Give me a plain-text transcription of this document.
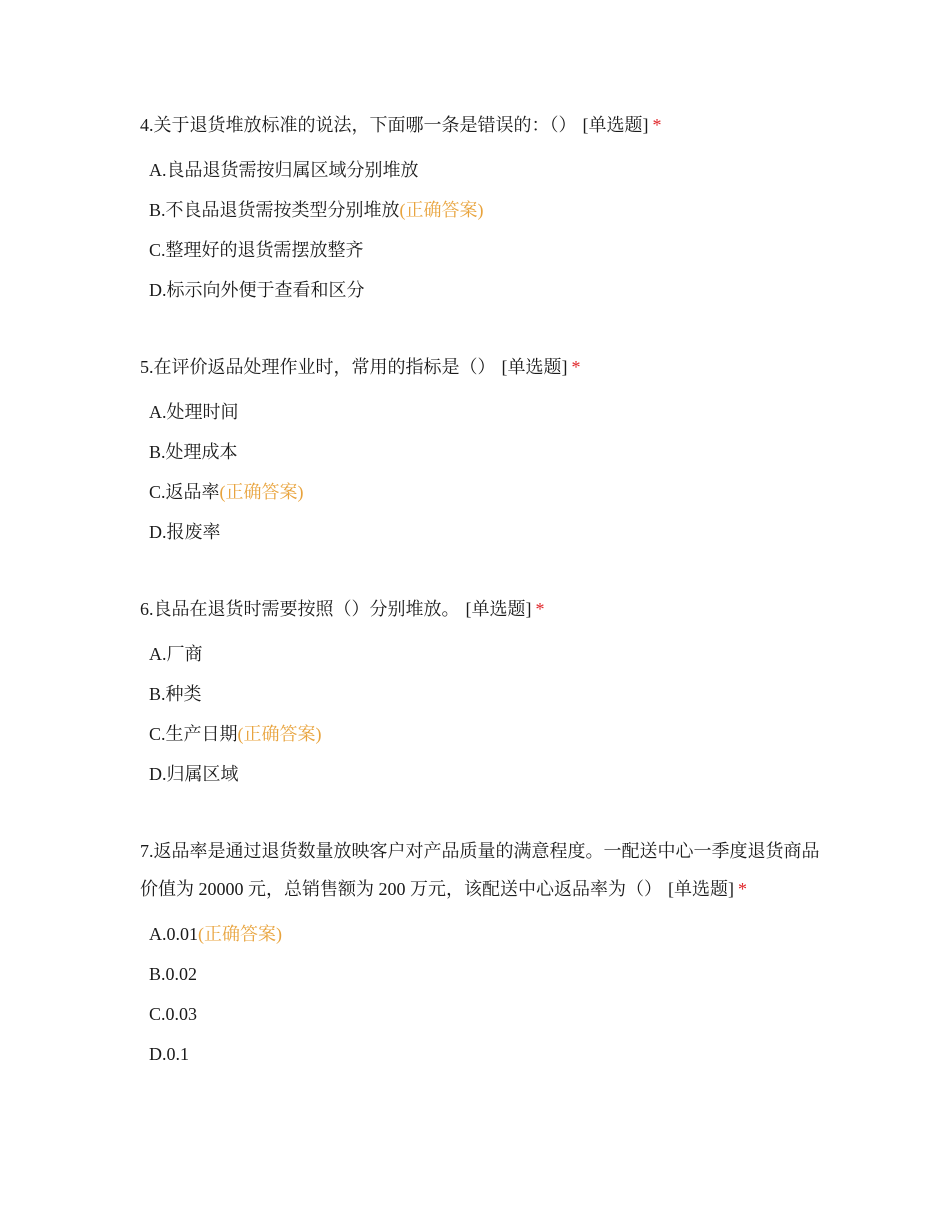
4.关于退货堆放标准的说法，下面哪一条是错误的：（） [单选题] *

A.良品退货需按归属区域分别堆放
B.不良品退货需按类型分别堆放(正确答案)
C.整理好的退货需摆放整齐
D.标示向外便于查看和区分

5.在评价返品处理作业时，常用的指标是（） [单选题] *

A.处理时间
B.处理成本
C.返品率(正确答案)
D.报废率

6.良品在退货时需要按照（）分别堆放。 [单选题] *

A.厂商
B.种类
C.生产日期(正确答案)
D.归属区域

7.返品率是通过退货数量放映客户对产品质量的满意程度。一配送中心一季度退货商品价值为 20000 元，总销售额为 200 万元，该配送中心返品率为（） [单选题] *

A.0.01(正确答案)
B.0.02
C.0.03
D.0.1
